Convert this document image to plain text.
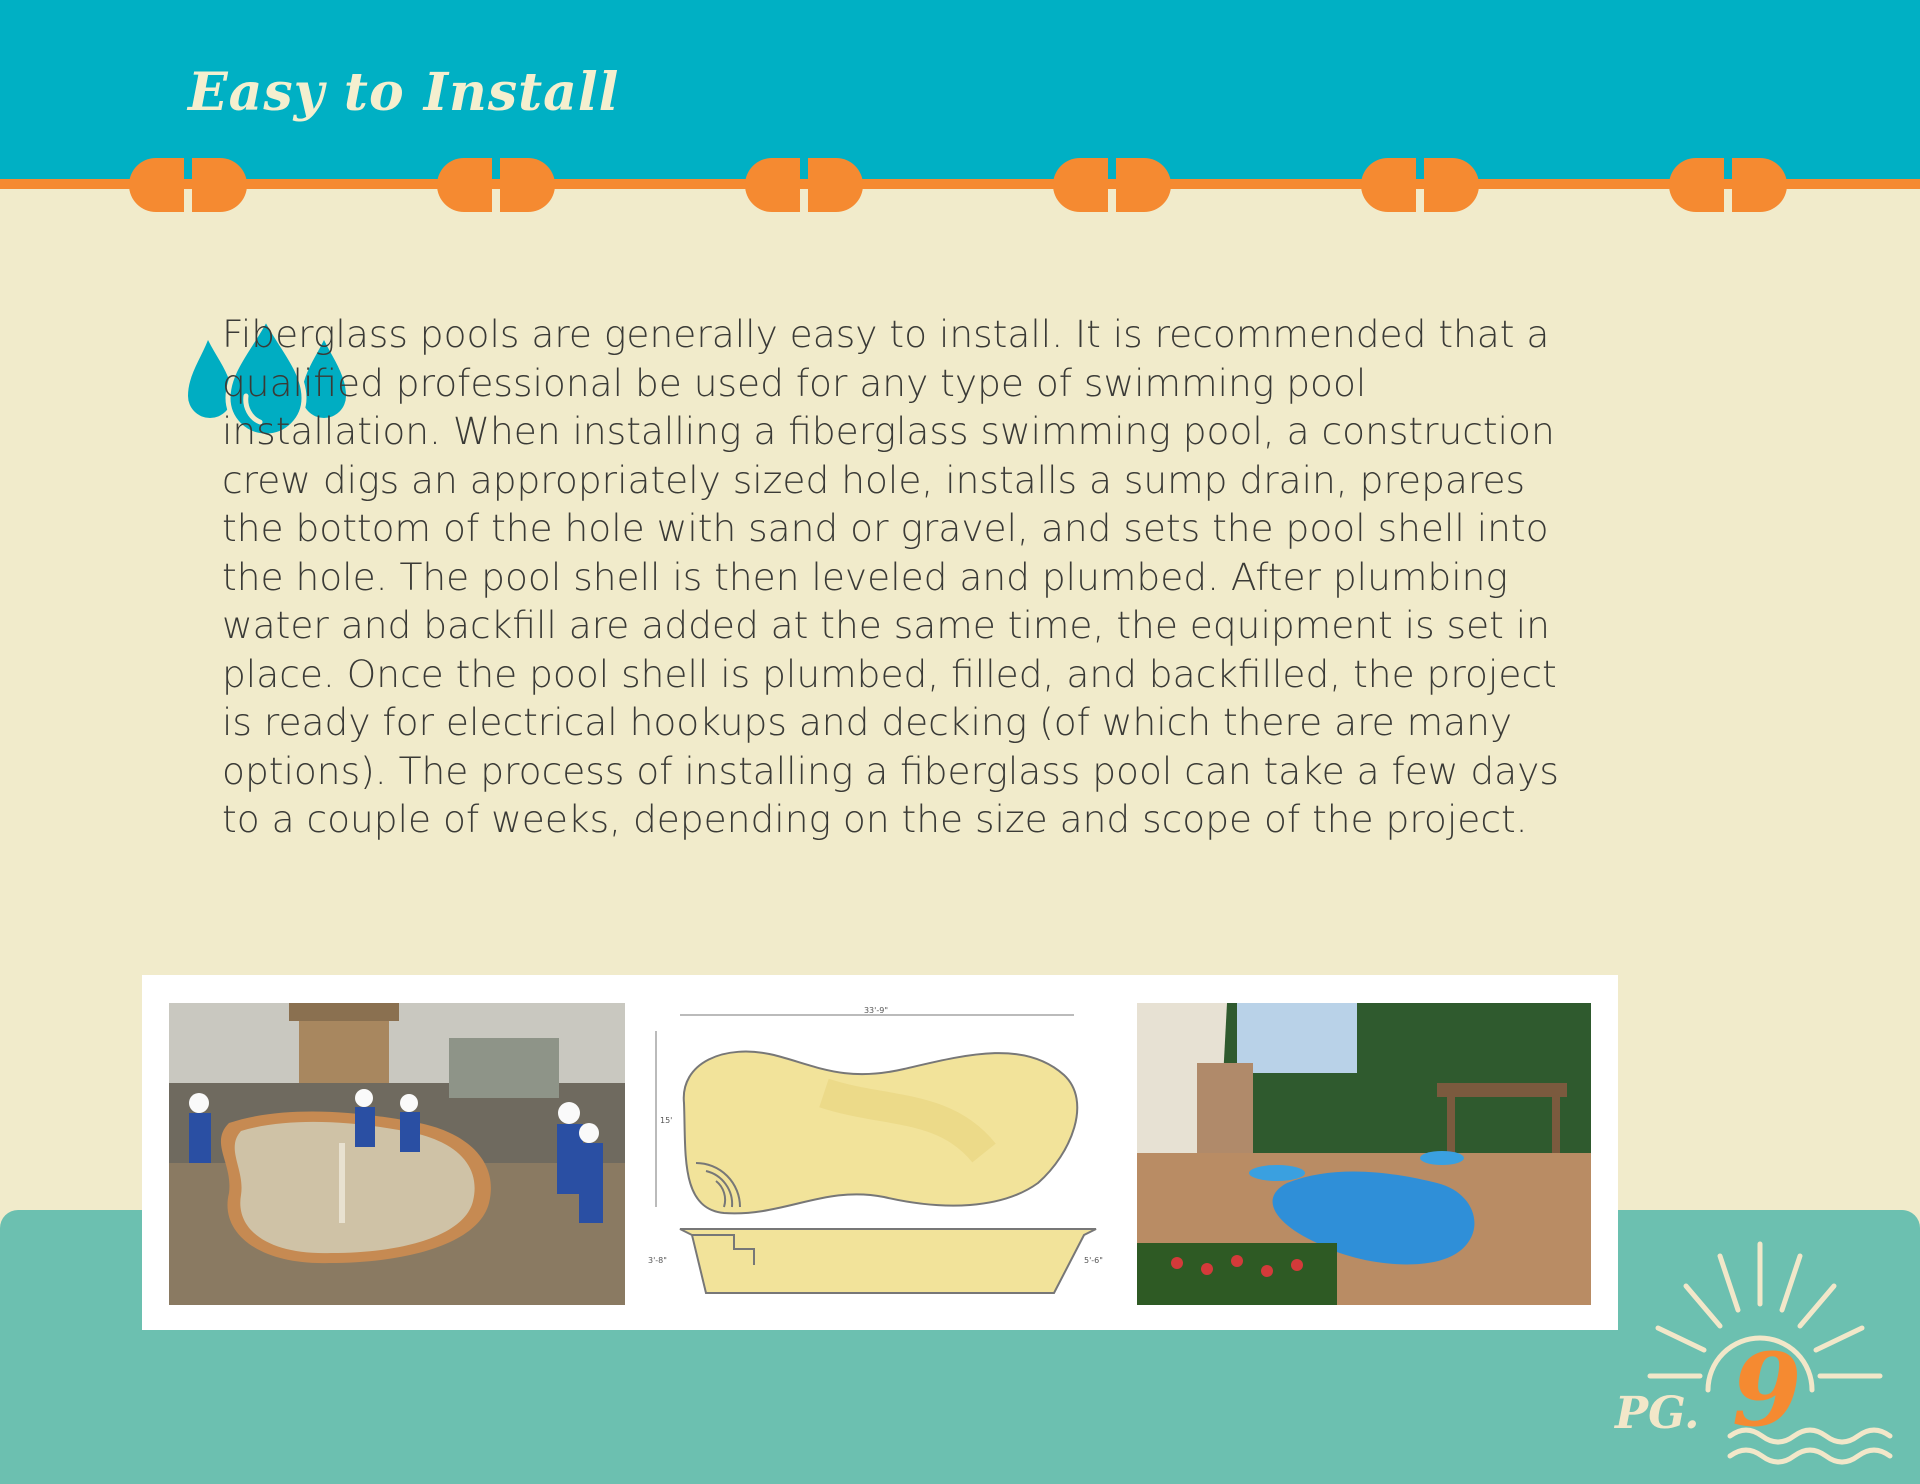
Easy to Install

Fiberglass pools are generally easy to install. It is recommended that a qualified professional be used for any type of swimming pool installation. When installing a fiberglass swimming pool, a construction crew digs an appropriately sized hole, installs a sump drain, prepares the bottom of the hole with sand or gravel, and sets the pool shell into the hole. The pool shell is then leveled and plumbed. After plumbing water and backfill are added at the same time, the equipment is set in place. Once the pool shell is plumbed, filled, and backfilled, the project is ready for electrical hookups and decking (of which there are many options). The process of installing a fiberglass pool can take a few days to a couple of weeks, depending on the size and scope of the project.

33'-9"
15'
3'-8"	5'-6"
PG. 9
